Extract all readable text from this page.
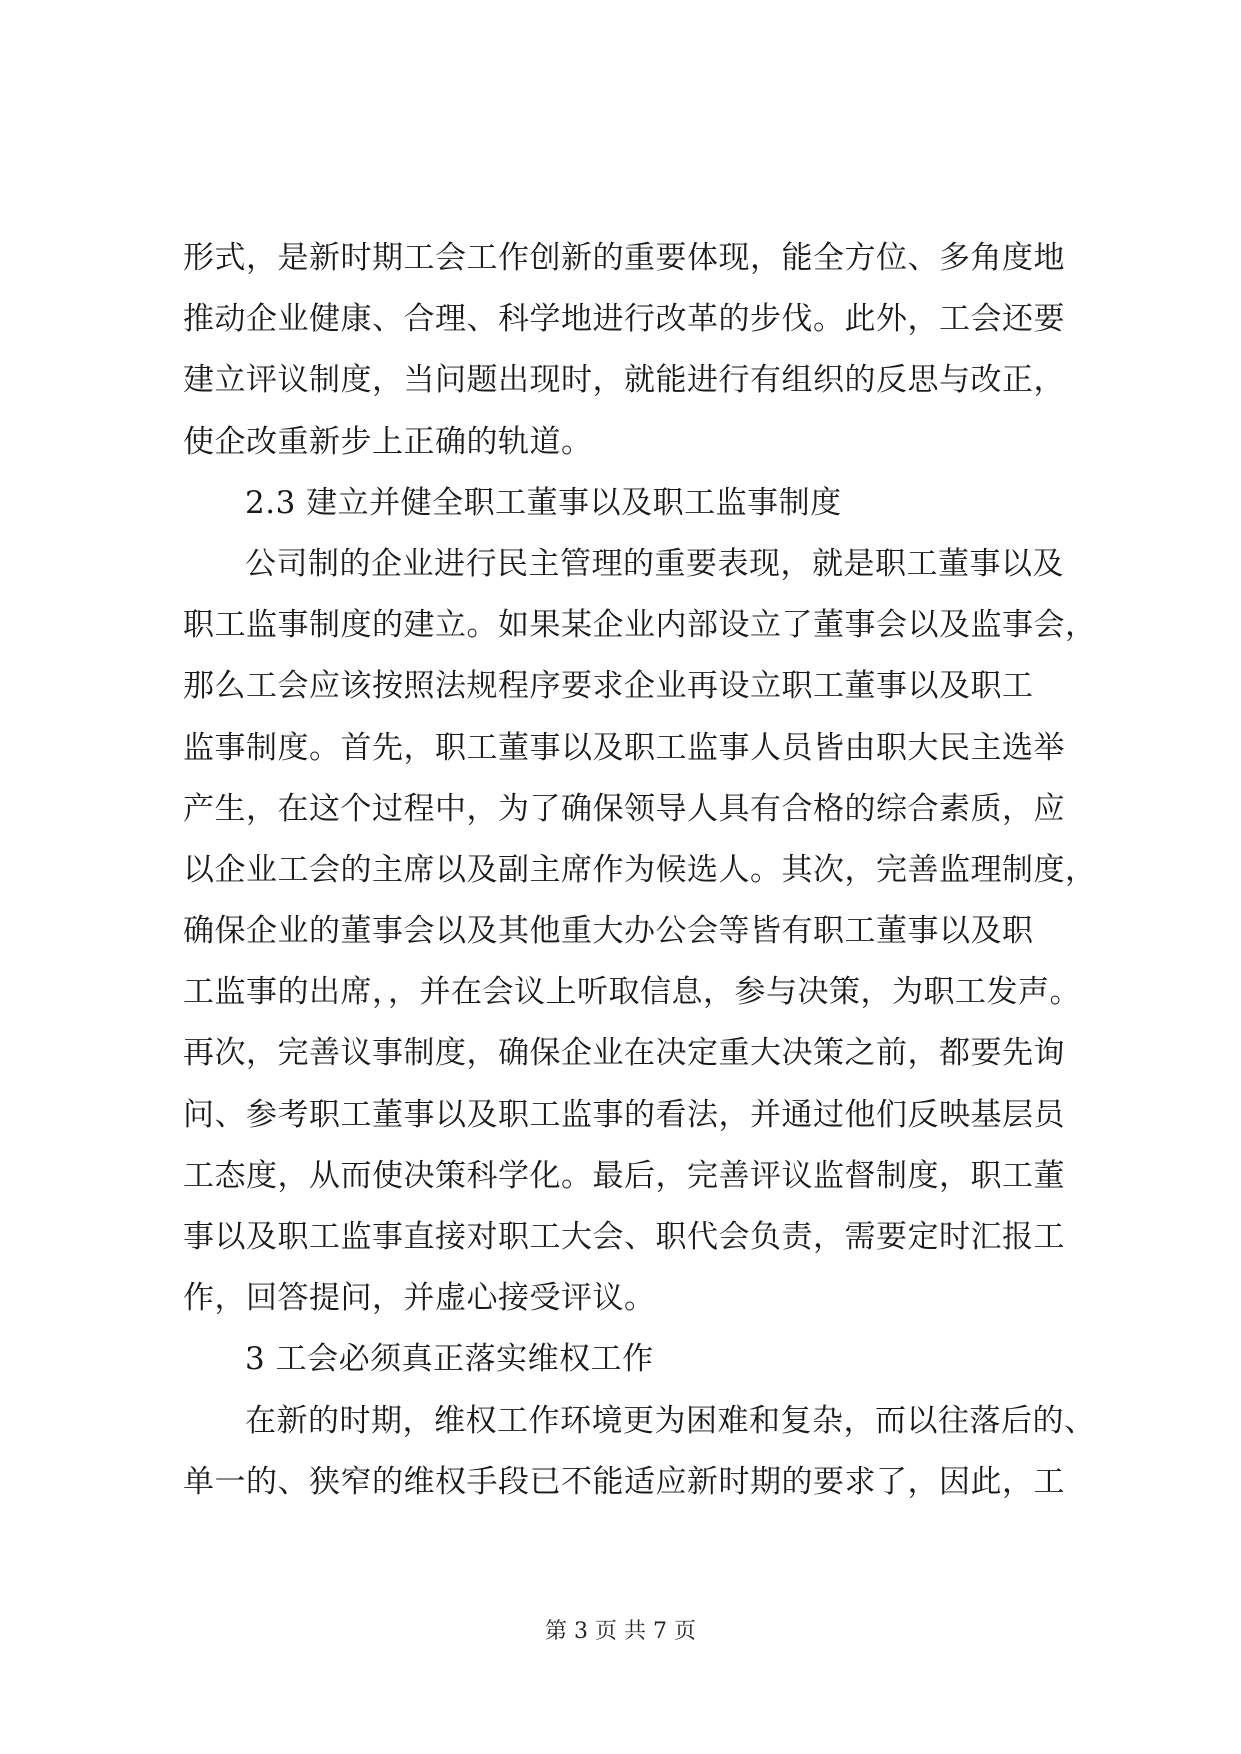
形式，是新时期工会工作创新的重要体现，能全方位、多角度地
推动企业健康、合理、科学地进行改革的步伐。此外，工会还要
建立评议制度，当问题出现时，就能进行有组织的反思与改正，
使企改重新步上正确的轨道。
2.3 建立并健全职工董事以及职工监事制度
公司制的企业进行民主管理的重要表现，就是职工董事以及
职工监事制度的建立。如果某企业内部设立了董事会以及监事会，
那么工会应该按照法规程序要求企业再设立职工董事以及职工
监事制度。首先，职工董事以及职工监事人员皆由职大民主选举
产生，在这个过程中，为了确保领导人具有合格的综合素质，应
以企业工会的主席以及副主席作为候选人。其次，完善监理制度，
确保企业的董事会以及其他重大办公会等皆有职工董事以及职
工监事的出席，，并在会议上听取信息，参与决策，为职工发声。
再次，完善议事制度，确保企业在决定重大决策之前，都要先询
问、参考职工董事以及职工监事的看法，并通过他们反映基层员
工态度，从而使决策科学化。最后，完善评议监督制度，职工董
事以及职工监事直接对职工大会、职代会负责，需要定时汇报工
作，回答提问，并虚心接受评议。
3 工会必须真正落实维权工作
在新的时期，维权工作环境更为困难和复杂，而以往落后的、
单一的、狭窄的维权手段已不能适应新时期的要求了，因此，工
第 3 页 共 7 页
